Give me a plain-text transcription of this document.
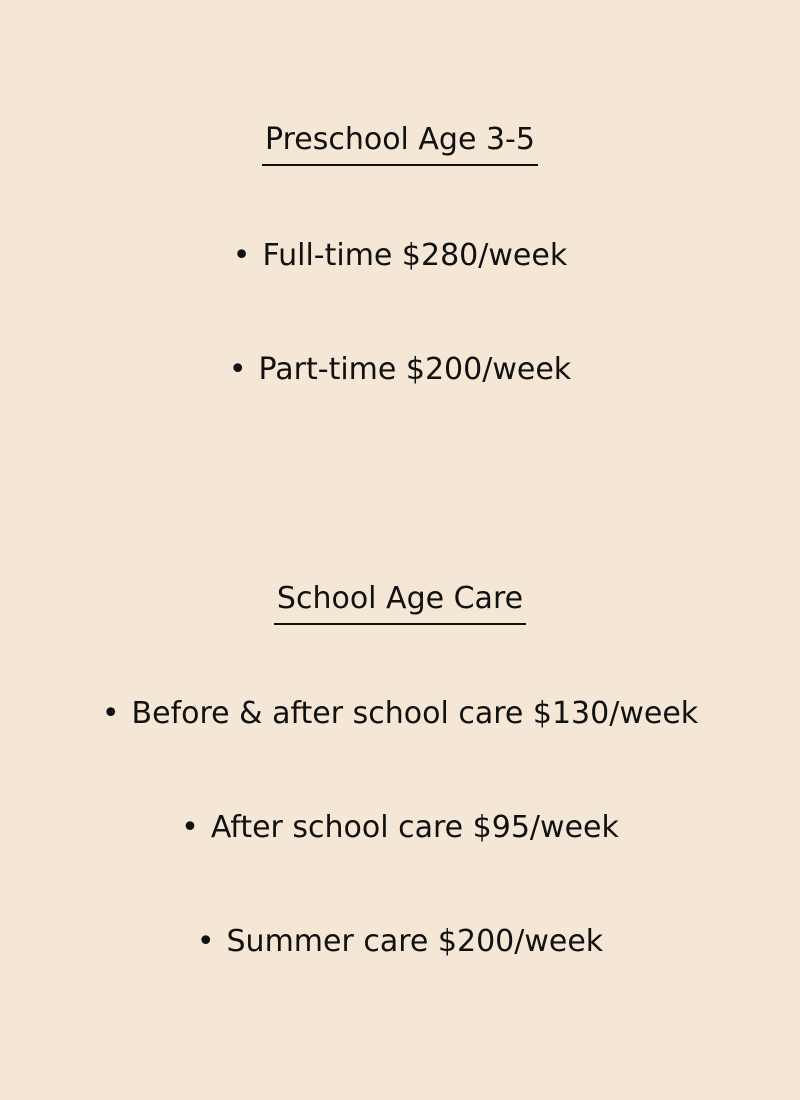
Preschool Age 3-5

• Full-time $280/week

• Part-time $200/week

School Age Care

• Before & after school care $130/week

• After school care $95/week

• Summer care $200/week
